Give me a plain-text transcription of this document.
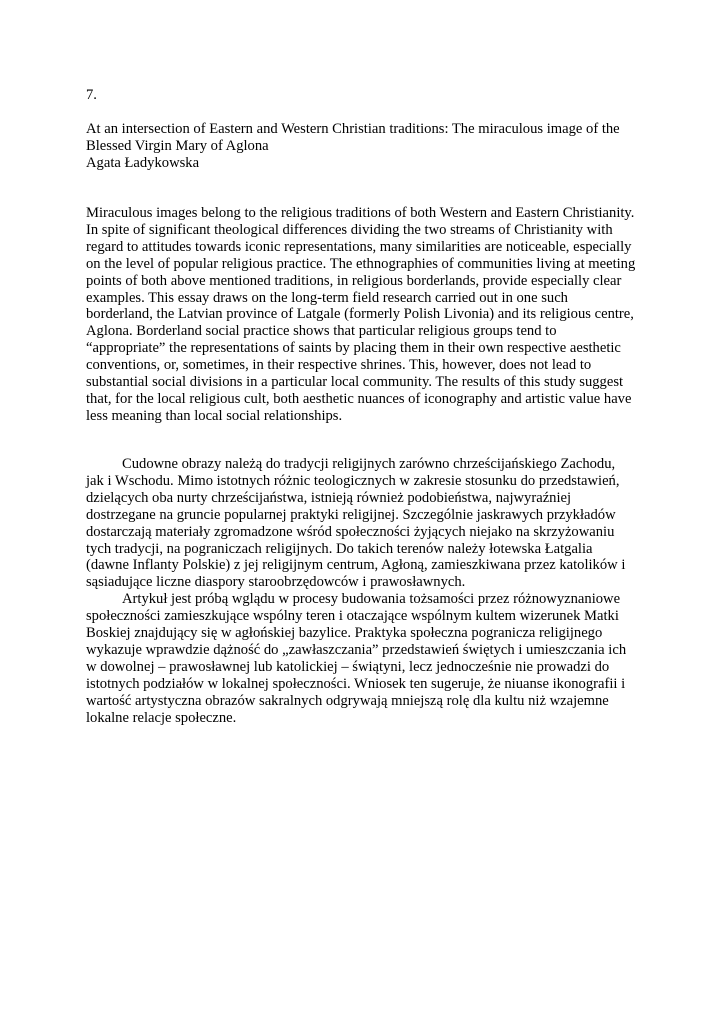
7.

At an intersection of Eastern and Western Christian traditions: The miraculous image of the
Blessed Virgin Mary of Aglona
Agata Ładykowska
Miraculous images belong to the religious traditions of both Western and Eastern Christianity.
In spite of significant theological differences dividing the two streams of Christianity with
regard to attitudes towards iconic representations, many similarities are noticeable, especially
on the level of popular religious practice. The ethnographies of communities living at meeting
points of both above mentioned traditions, in religious borderlands, provide especially clear
examples. This essay draws on the long-term field research carried out in one such
borderland, the Latvian province of Latgale (formerly Polish Livonia) and its religious centre,
Aglona. Borderland social practice shows that particular religious groups tend to
“appropriate” the representations of saints by placing them in their own respective aesthetic
conventions, or, sometimes, in their respective shrines. This, however, does not lead to
substantial social divisions in a particular local community. The results of this study suggest
that, for the local religious cult, both aesthetic nuances of iconography and artistic value have
less meaning than local social relationships.

Cudowne obrazy należą do tradycji religijnych zarówno chrześcijańskiego Zachodu,
jak i Wschodu. Mimo istotnych różnic teologicznych w zakresie stosunku do przedstawień,
dzielących oba nurty chrześcijaństwa, istnieją również podobieństwa, najwyraźniej
dostrzegane na gruncie popularnej praktyki religijnej. Szczególnie jaskrawych przykładów
dostarczają materiały zgromadzone wśród społeczności żyjących niejako na skrzyżowaniu
tych tradycji, na pograniczach religijnych. Do takich terenów należy łotewska Łatgalia
(dawne Inflanty Polskie) z jej religijnym centrum, Agłoną, zamieszkiwana przez katolików i
sąsiadujące liczne diaspory staroobrzędowców i prawosławnych.

Artykuł jest próbą wglądu w procesy budowania tożsamości przez różnowyznaniowe
społeczności zamieszkujące wspólny teren i otaczające wspólnym kultem wizerunek Matki
Boskiej znajdujący się w agłońskiej bazylice. Praktyka społeczna pogranicza religijnego
wykazuje wprawdzie dążność do „zawłaszczania” przedstawień świętych i umieszczania ich
w dowolnej – prawosławnej lub katolickiej – świątyni, lecz jednocześnie nie prowadzi do
istotnych podziałów w lokalnej społeczności. Wniosek ten sugeruje, że niuanse ikonografii i
wartość artystyczna obrazów sakralnych odgrywają mniejszą rolę dla kultu niż wzajemne
lokalne relacje społeczne.
